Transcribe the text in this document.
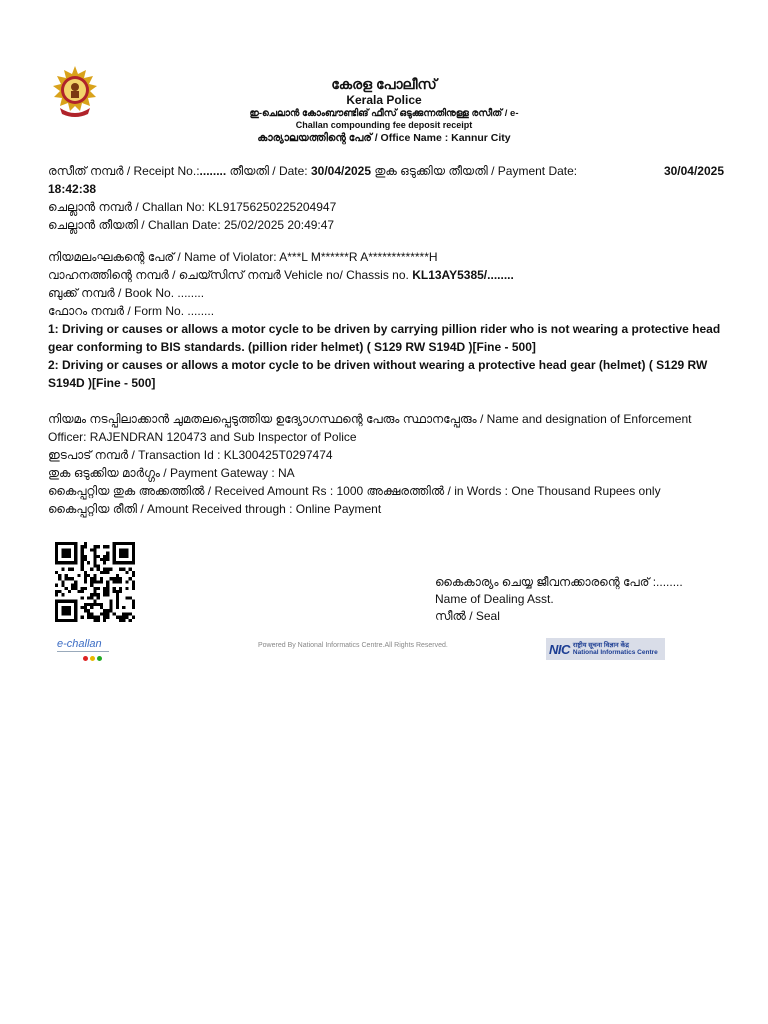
കേരള പോലീസ്
Kerala Police
ഇ-ചെലാൻ കോംബൗണ്ടിങ് ഫീസ് ഒടുക്കുന്നതിനുള്ള രസീത് / e-
Challan compounding fee deposit receipt
കാര്യാലയത്തിന്റെ പേര് / Office Name : Kannur City
രസീത് നമ്പർ / Receipt No.:........ തീയതി / Date: 30/04/2025 തുക ഒടുക്കിയ തീയതി / Payment Date:	30/04/2025
18:42:38
ചെല്ലാൻ നമ്പർ / Challan No: KL91756250225204947
ചെല്ലാൻ തീയതി / Challan Date: 25/02/2025 20:49:47
നിയമലംഘകന്റെ പേര് / Name of Violator: A***L M******R A*************H
വാഹനത്തിന്റെ നമ്പർ / ചെയ്സിസ് നമ്പർ Vehicle no/ Chassis no. KL13AY5385/........
ബുക്ക് നമ്പർ / Book No. ........
ഫോറം നമ്പർ / Form No. ........
1: Driving or causes or allows a motor cycle to be driven by carrying pillion rider who is not wearing a protective head gear conforming to BIS standards. (pillion rider helmet) ( S129 RW S194D )[Fine - 500]
2: Driving or causes or allows a motor cycle to be driven without wearing a protective head gear (helmet) ( S129 RW S194D )[Fine - 500]
നിയമം നടപ്പിലാക്കാൻ ചുമതലപ്പെടുത്തിയ ഉദ്യോഗസ്ഥന്റെ പേരും സ്ഥാനപ്പേരും / Name and designation of Enforcement Officer: RAJENDRAN 120473 and Sub Inspector of Police
ഇടപാട് നമ്പർ / Transaction Id : KL300425T0297474
തുക ഒടുക്കിയ മാർഗ്ഗം / Payment Gateway : NA
കൈപ്പറ്റിയ തുക അക്കത്തിൽ / Received Amount Rs : 1000 അക്ഷരത്തിൽ / in Words : One Thousand Rupees only
കൈപ്പറ്റിയ രീതി / Amount Received through : Online Payment
കൈകാര്യം ചെയ്യ ജീവനക്കാരന്റെ പേര് :........
Name of Dealing Asst.
സീൽ / Seal
e-challan	Powered By National Informatics Centre.All Rights Reserved.	NIC राष्ट्रीय सूचना विज्ञान केंद्र
National Informatics Centre
